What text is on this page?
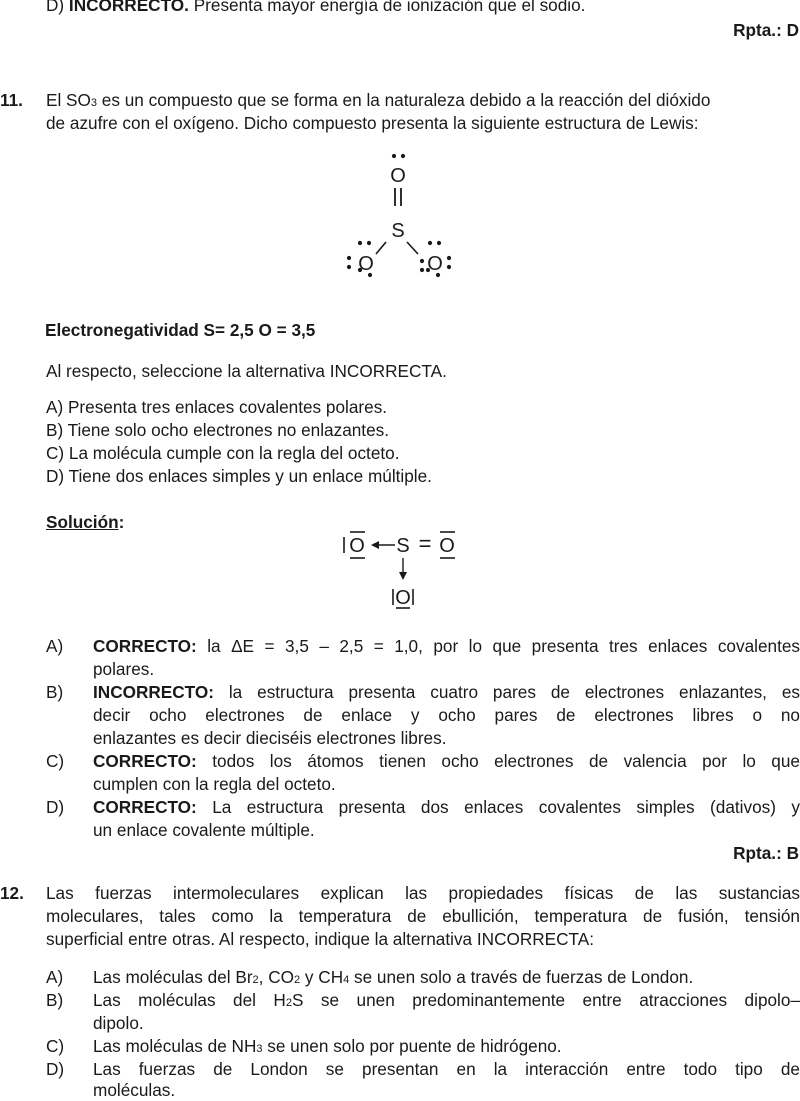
D) INCORRECTO. Presenta mayor energía de ionización que el sodio.
Rpta.: D
11. El SO3 es un compuesto que se forma en la naturaleza debido a la reacción del dióxido
de azufre con el oxígeno. Dicho compuesto presenta la siguiente estructura de Lewis:
O
S
O	O
Electronegatividad S= 2,5 O = 3,5
Al respecto, seleccione la alternativa INCORRECTA.
A) Presenta tres enlaces covalentes polares.
B) Tiene solo ocho electrones no enlazantes.
C) La molécula cumple con la regla del octeto.
D) Tiene dos enlaces simples y un enlace múltiple.
Solución:
O S = O
O
A) CORRECTO: la ΔE = 3,5 – 2,5 = 1,0, por lo que presenta tres enlaces covalentes
polares.
B) INCORRECTO: la estructura presenta cuatro pares de electrones enlazantes, es
decir ocho electrones de enlace y ocho pares de electrones libres o no
enlazantes es decir dieciséis electrones libres.
C) CORRECTO: todos los átomos tienen ocho electrones de valencia por lo que
cumplen con la regla del octeto.
D) CORRECTO: La estructura presenta dos enlaces covalentes simples (dativos) y
un enlace covalente múltiple.
Rpta.: B
12. Las fuerzas intermoleculares explican las propiedades físicas de las sustancias
moleculares, tales como la temperatura de ebullición, temperatura de fusión, tensión
superficial entre otras. Al respecto, indique la alternativa INCORRECTA:
A) Las moléculas del Br2, CO2 y CH4 se unen solo a través de fuerzas de London.
B) Las moléculas del H2S se unen predominantemente entre atracciones dipolo–
dipolo.
C) Las moléculas de NH3 se unen solo por puente de hidrógeno.
D) Las fuerzas de London se presentan en la interacción entre todo tipo de
moléculas.
